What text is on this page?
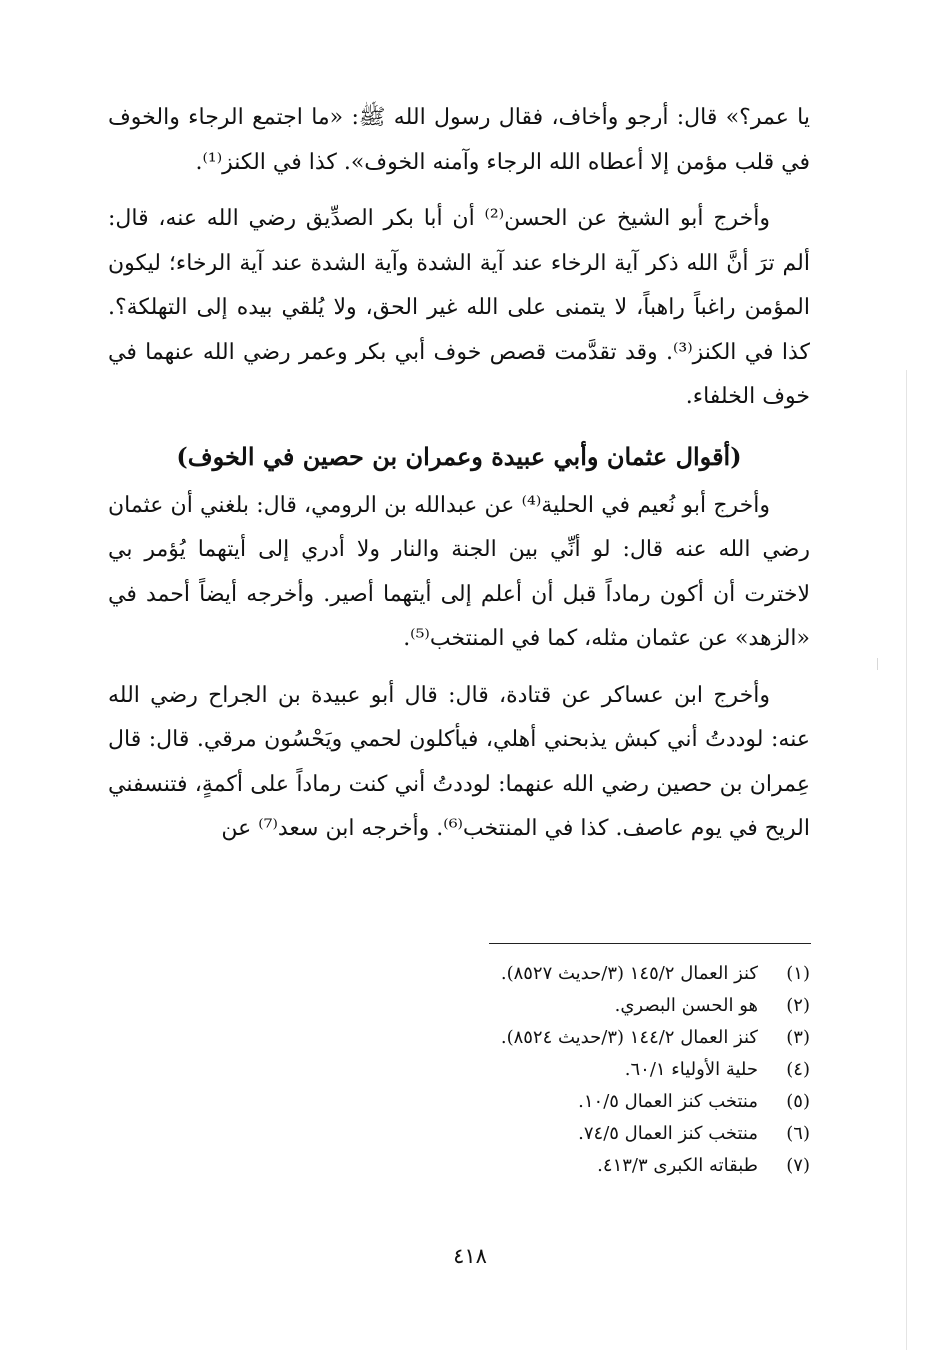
يا عمر؟» قال: أرجو وأخاف، فقال رسول الله ﷺ: «ما اجتمع الرجاء والخوف في قلب مؤمن إلا أعطاه الله الرجاء وآمنه الخوف». كذا في الكنز⁽¹⁾.

وأخرج أبو الشيخ عن الحسن⁽²⁾ أن أبا بكر الصدِّيق رضي الله عنه، قال: ألم ترَ أنَّ الله ذكر آية الرخاء عند آية الشدة وآية الشدة عند آية الرخاء؛ ليكون المؤمن راغباً راهباً، لا يتمنى على الله غير الحق، ولا يُلقي بيده إلى التهلكة؟. كذا في الكنز⁽³⁾. وقد تقدَّمت قصص خوف أبي بكر وعمر رضي الله عنهما في خوف الخلفاء.

(أقوال عثمان وأبي عبيدة وعمران بن حصين في الخوف)

وأخرج أبو نُعيم في الحلية⁽⁴⁾ عن عبدالله بن الرومي، قال: بلغني أن عثمان رضي الله عنه قال: لو أنِّي بين الجنة والنار ولا أدري إلى أيتهما يُؤمر بي لاخترت أن أكون رماداً قبل أن أعلم إلى أيتهما أصير. وأخرجه أيضاً أحمد في «الزهد» عن عثمان مثله، كما في المنتخب⁽⁵⁾.

وأخرج ابن عساكر عن قتادة، قال: قال أبو عبيدة بن الجراح رضي الله عنه: لوددتُ أني كبش يذبحني أهلي، فيأكلون لحمي ويَحْسُون مرقي. قال: قال عِمران بن حصين رضي الله عنهما: لوددتُ أني كنت رماداً على أكمةٍ، فتنسفني الريح في يوم عاصف. كذا في المنتخب⁽⁶⁾. وأخرجه ابن سعد⁽⁷⁾ عن

(١)
كنز العمال ١٤٥/٢ (٣/حديث ٨٥٢٧).
(٢)
هو الحسن البصري.
(٣)
كنز العمال ١٤٤/٢ (٣/حديث ٨٥٢٤).
(٤)
حلية الأولياء ٦٠/١.
(٥)
منتخب كنز العمال ١٠/٥.
(٦)
منتخب كنز العمال ٧٤/٥.
(٧)
طبقاته الكبرى ٤١٣/٣.
٤١٨
